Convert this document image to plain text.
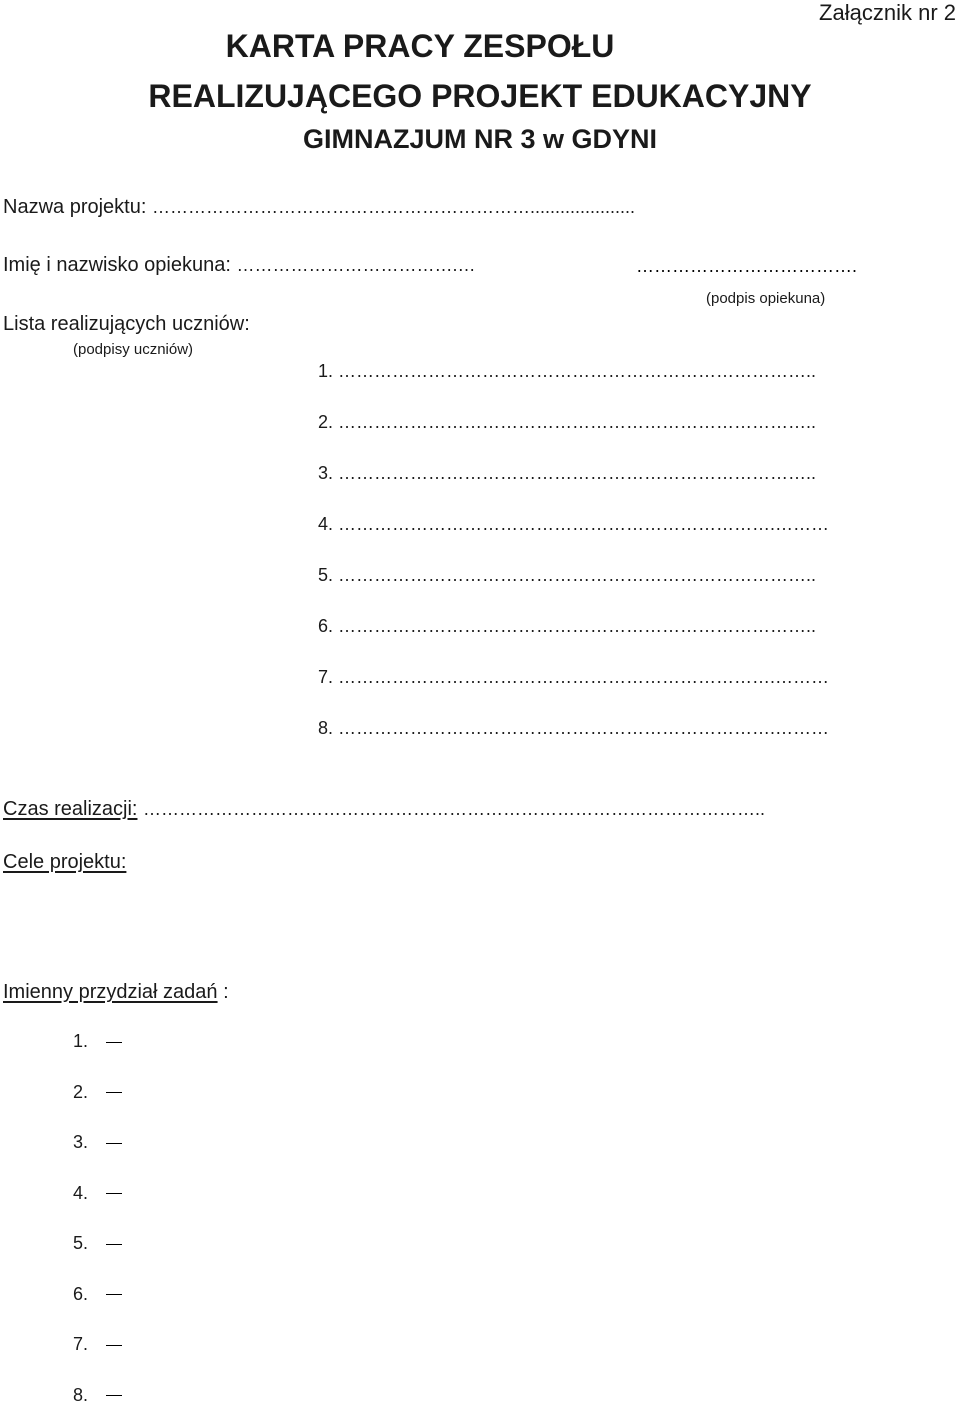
Załącznik nr 2
KARTA PRACY ZESPOŁU
REALIZUJĄCEGO PROJEKT EDUKACYJNY
GIMNAZJUM NR 3 w GDYNI
Nazwa projektu: ……………………………………………………….....................
Imię i nazwisko opiekuna: ……………………………….…	……………………………….
(podpis opiekuna)
Lista realizujących uczniów:
(podpisy uczniów)
1. ……………………………………………………………………..
2. ……………………………………………………………………..
3. ……………………………………………………………………..
4. ……………………………………………………………….………
5. ……………………………………………………………………..
6. ……………………………………………………………………..
7. ……………………………………………………………….………
8. ……………………………………………………………….………
Czas realizacji: …………………………………………………………………………………………..
Cele projektu:
Imienny przydział zadań :
1.
2.
3.
4.
5.
6.
7.
8.
